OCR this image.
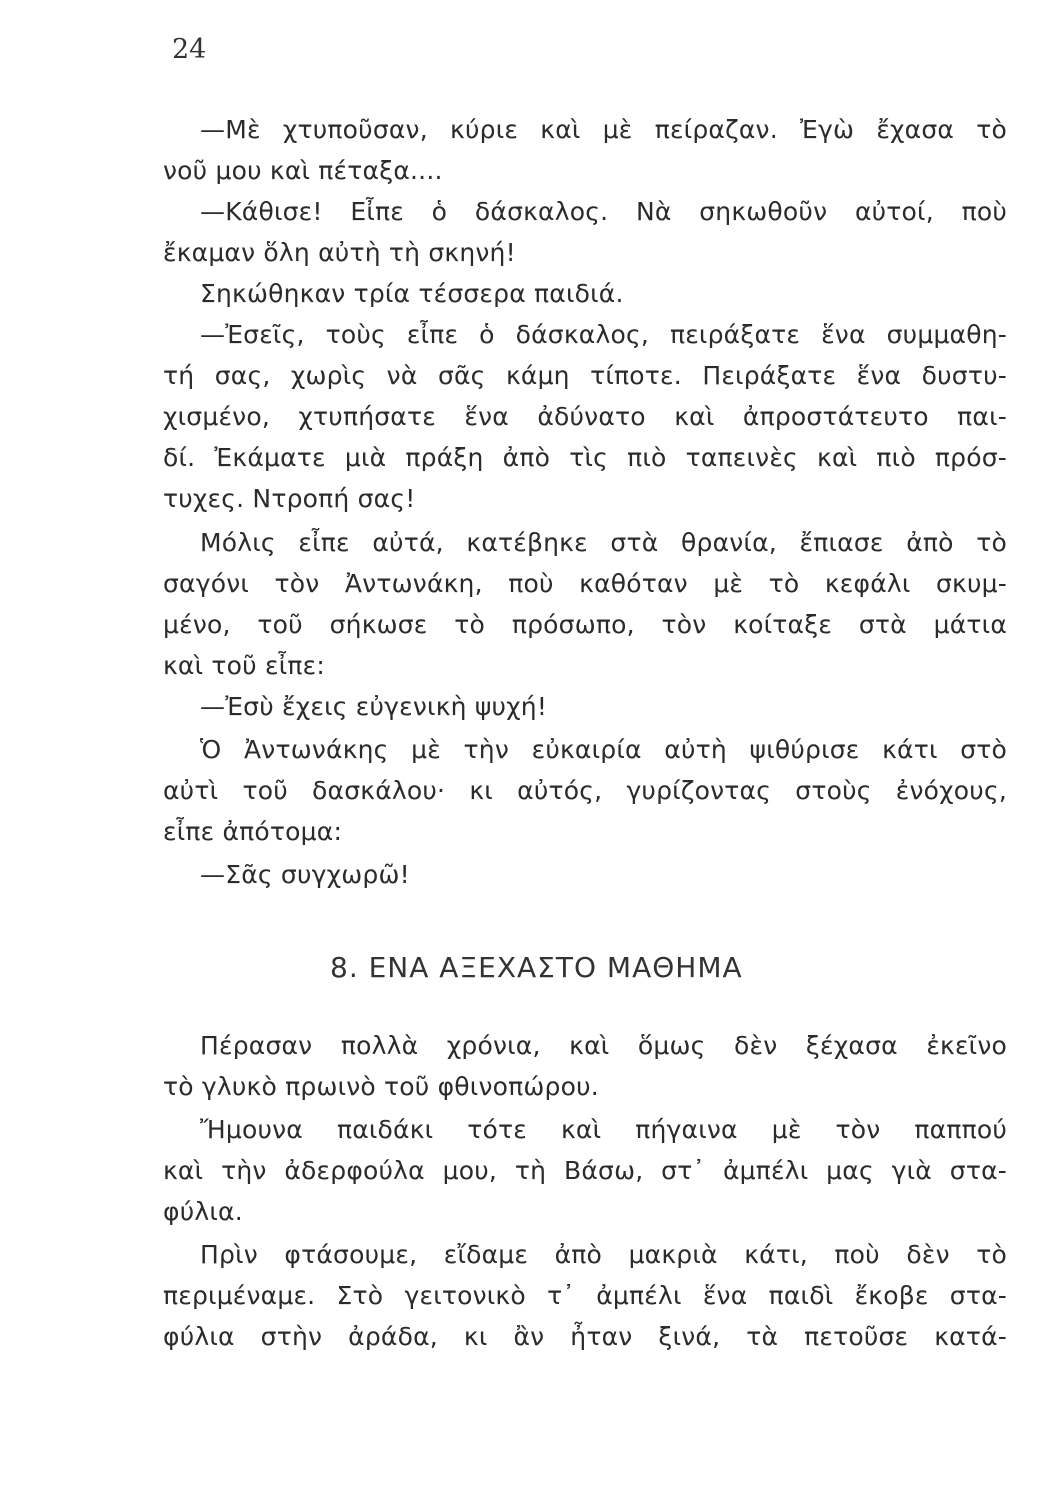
24
—Μὲ χτυποῦσαν, κύριε καὶ μὲ πείραζαν. Ἐγὼ ἔχασα τὸ
νοῦ μου καὶ πέταξα....
—Κάθισε! Εἶπε ὁ δάσκαλος. Νὰ σηκωθοῦν αὐτοί, ποὺ
ἔκαμαν ὅλη αὐτὴ τὴ σκηνή!
Σηκώθηκαν τρία τέσσερα παιδιά.
—Ἐσεῖς, τοὺς εἶπε ὁ δάσκαλος, πειράξατε ἕνα συμμαθη-
τή σας, χωρὶς νὰ σᾶς κάμη τίποτε. Πειράξατε ἕνα δυστυ-
χισμένο, χτυπήσατε ἕνα ἀδύνατο καὶ ἀπροστάτευτο παι-
δί. Ἐκάματε μιὰ πράξη ἀπὸ τὶς πιὸ ταπεινὲς καὶ πιὸ πρόσ-
τυχες. Ντροπή σας!
Μόλις εἶπε αὐτά, κατέβηκε στὰ θρανία, ἔπιασε ἀπὸ τὸ
σαγόνι τὸν Ἀντωνάκη, ποὺ καθόταν μὲ τὸ κεφάλι σκυμ-
μένο, τοῦ σήκωσε τὸ πρόσωπο, τὸν κοίταξε στὰ μάτια
καὶ τοῦ εἶπε:
—Ἐσὺ ἔχεις εὐγενικὴ ψυχή!
Ὁ Ἀντωνάκης μὲ τὴν εὐκαιρία αὐτὴ ψιθύρισε κάτι στὸ
αὐτὶ τοῦ δασκάλου· κι αὐτός, γυρίζοντας στοὺς ἐνόχους,
εἶπε ἀπότομα:
—Σᾶς συγχωρῶ!
8. ΕΝΑ ΑΞΕΧΑΣΤΟ ΜΑΘΗΜΑ
Πέρασαν πολλὰ χρόνια, καὶ ὅμως δὲν ξέχασα ἐκεῖνο
τὸ γλυκὸ πρωινὸ τοῦ φθινοπώρου.
Ἤμουνα παιδάκι τότε καὶ πήγαινα μὲ τὸν παππού
καὶ τὴν ἀδερφούλα μου, τὴ Βάσω, στ᾽ ἀμπέλι μας γιὰ στα-
φύλια.
Πρὶν φτάσουμε, εἴδαμε ἀπὸ μακριὰ κάτι, ποὺ δὲν τὸ
περιμέναμε. Στὸ γειτονικὸ τ᾽ ἀμπέλι ἕνα παιδὶ ἔκοβε στα-
φύλια στὴν ἀράδα, κι ἂν ἦταν ξινά, τὰ πετοῦσε κατά-
